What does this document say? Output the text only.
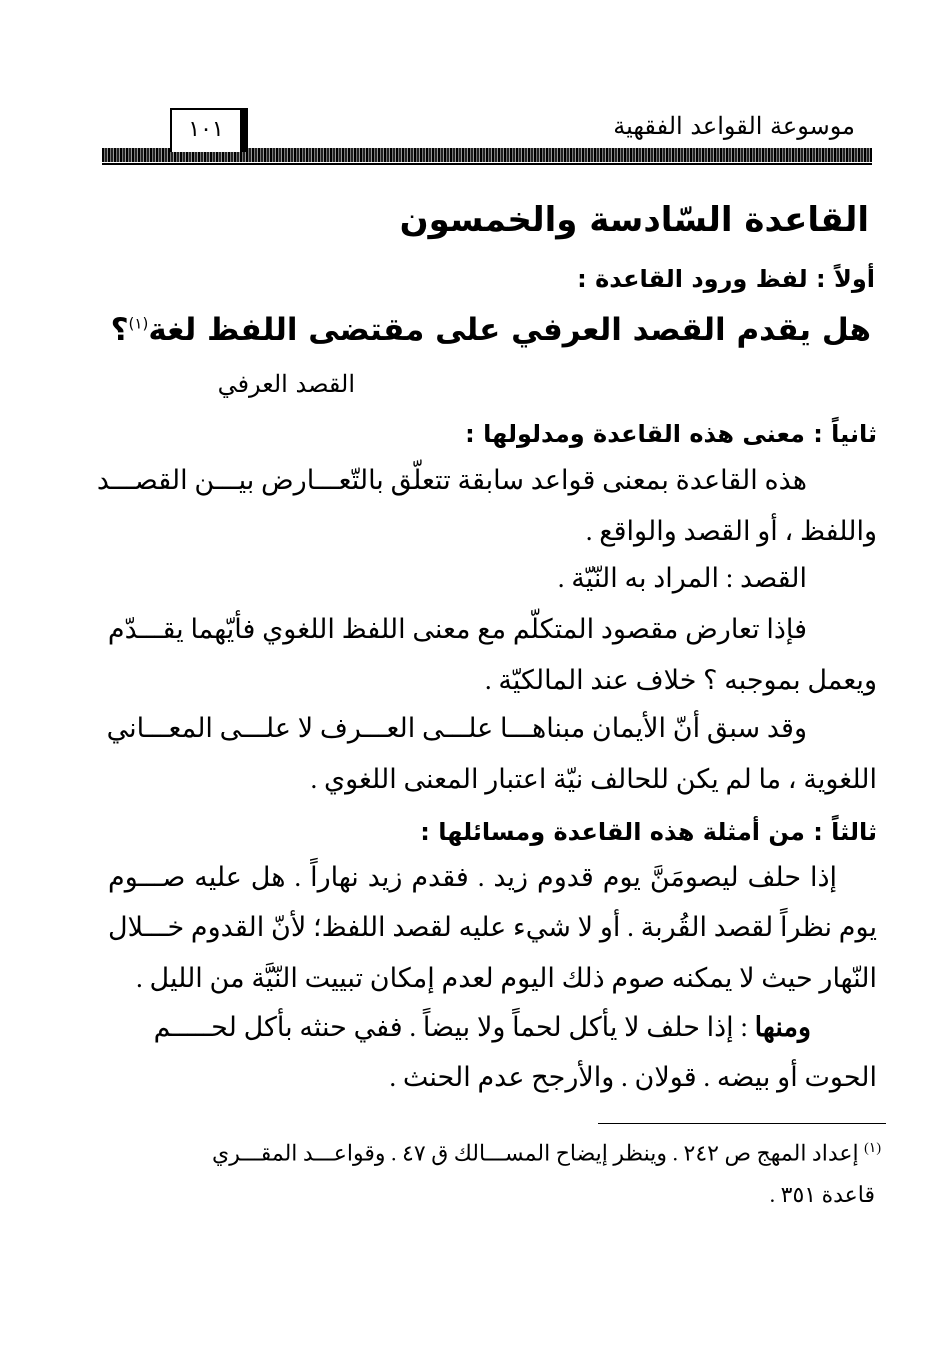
موسوعة القواعد الفقهية
١٠١
القاعدة السّادسة والخمسون
أولاً : لفظ ورود القاعدة :
هل يقدم القصد العرفي على مقتضى اللفظ لغة$^{(١)}$؟
القصد العرفي
ثانياً : معنى هذه القاعدة ومدلولها :
هذه القاعدة بمعنى قواعد سابقة تتعلّق بالتّعـــارض بيـــن القصـــد
واللفظ ، أو القصد والواقع .
القصد : المراد به النّيّة .
فإذا تعارض مقصود المتكلّم مع معنى اللفظ اللغوي فأيّهما يقـــدّم
ويعمل بموجبه ؟ خلاف عند المالكيّة .
وقد سبق أنّ الأيمان مبناهـــا علـــى العـــرف لا علـــى المعـــاني
اللغوية ، ما لم يكن للحالف نيّة اعتبار المعنى اللغوي .
ثالثاً : من أمثلة هذه القاعدة ومسائلها :
إذا حلف ليصومَنَّ يوم قدوم زيد . فقدم زيد نهاراً . هل عليه صـــوم
يوم نظراً لقصد القُربة . أو لا شيء عليه لقصد اللفظ؛ لأنّ القدوم خـــلال
النّهار حيث لا يمكنه صوم ذلك اليوم لعدم إمكان تبييت النّيَّة من الليل .
ومنها : إذا حلف لا يأكل لحماً ولا بيضاً . ففي حنثه بأكل لحـــــم
الحوت أو بيضه . قولان . والأرجح عدم الحنث .
$^{(١)}$ إعداد المهج ص ٢٤٢ . وينظر إيضاح المســـالك ق ٤٧ . وقواعـــد المقـــري
قاعدة ٣٥١ .
